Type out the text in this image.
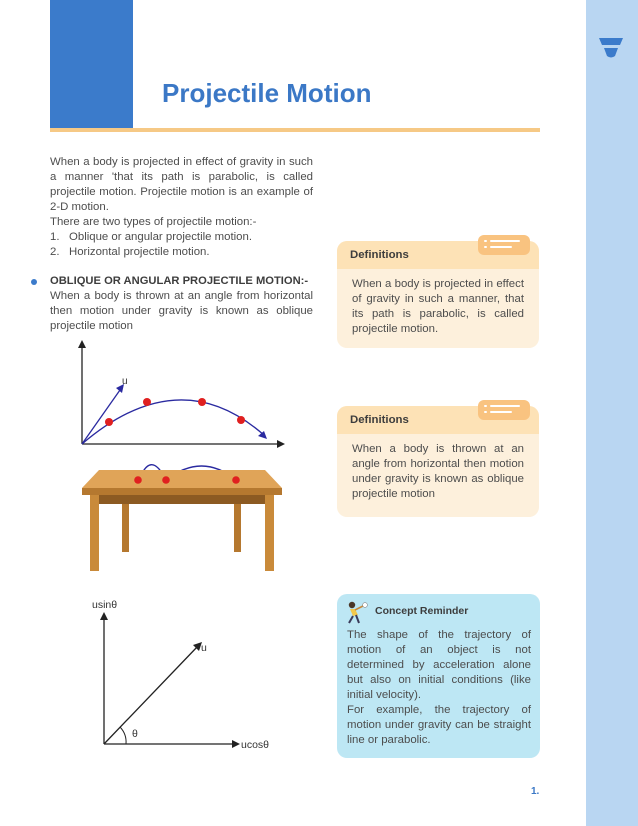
Projectile Motion

When a body is projected in effect of gravity in such a manner 'that its path is parabolic, is called projectile motion. Projectile motion is an example of 2-D motion.

There are two types of projectile motion:-
1. Oblique or angular projectile motion.
2. Horizontal projectile motion.
OBLIQUE OR ANGULAR PROJECTILE MOTION:-

When a body is thrown at an angle from horizontal then motion under gravity is known as oblique projectile motion

u
usinθ
ucosθ
u
θ
Definitions

When a body is projected in effect of gravity in such a manner, that its path is parabolic, is called projectile motion.

Definitions

When a body is thrown at an angle from horizontal then motion under gravity is known as oblique projectile motion

Concept Reminder
The shape of the trajectory of motion of an object is not determined by acceleration alone but also on initial conditions (like initial velocity).
For example, the trajectory of motion under gravity can be straight line or parabolic.
1.
